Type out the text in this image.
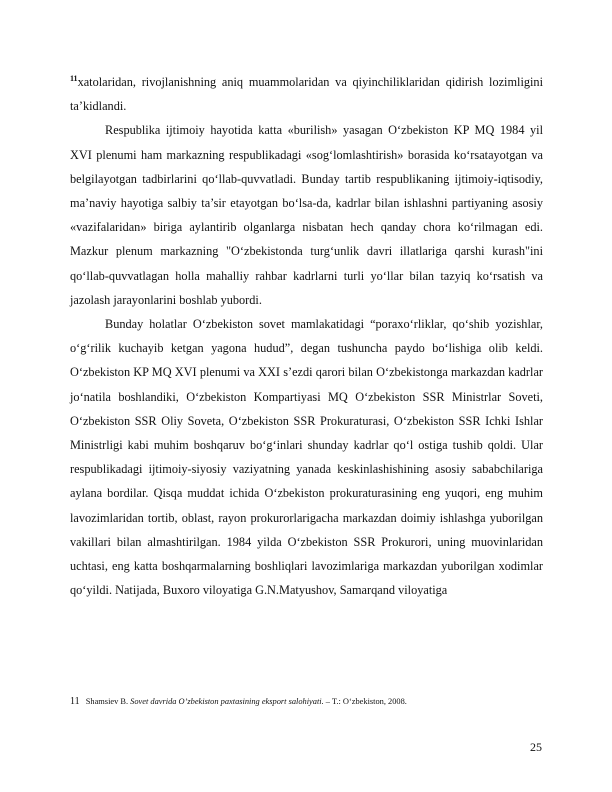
$^{11}$xatolaridan, rivojlanishning aniq muammolaridan va qiyinchiliklaridan qidirish lozimligini ta’kidlandi.

Respublika ijtimoiy hayotida katta «burilish» yasagan O‘zbekiston KP MQ 1984 yil XVI plenumi ham markazning respublikadagi «sog‘lomlashtirish» borasida ko‘rsatayotgan va belgilayotgan tadbirlarini qo‘llab-quvvatladi. Bunday tartib respublikaning ijtimoiy-iqtisodiy, ma’naviy hayotiga salbiy ta’sir etayotgan bo‘lsa-da, kadrlar bilan ishlashni partiyaning asosiy «vazifalaridan» biriga aylantirib olganlarga nisbatan hech qanday chora ko‘rilmagan edi. Mazkur plenum markazning "O‘zbekistonda turg‘unlik davri illatlariga qarshi kurash"ini qo‘llab-quvvatlagan holla mahalliy rahbar kadrlarni turli yo‘llar bilan tazyiq ko‘rsatish va jazolash jarayonlarini boshlab yubordi.

Bunday holatlar O‘zbekiston sovet mamlakatidagi “poraxo‘rliklar, qo‘shib yozishlar, o‘g‘rilik kuchayib ketgan yagona hudud”, degan tushuncha paydo bo‘lishiga olib keldi. O‘zbekiston KP MQ XVI plenumi va XXI s’ezdi qarori bilan O‘zbekistonga markazdan kadrlar jo‘natila boshlandiki, O‘zbekiston Kompartiyasi MQ O‘zbekiston SSR Ministrlar Soveti, O‘zbekiston SSR Oliy Soveta, O‘zbekiston SSR Prokuraturasi, O‘zbekiston SSR Ichki Ishlar Ministrligi kabi muhim boshqaruv bo‘g‘inlari shunday kadrlar qo‘l ostiga tushib qoldi. Ular respublikadagi ijtimoiy-siyosiy vaziyatning yanada keskinlashishining asosiy sababchilariga aylana bordilar. Qisqa muddat ichida O‘zbekiston prokuraturasining eng yuqori, eng muhim lavozimlaridan tortib, oblast, rayon prokurorlarigacha markazdan doimiy ishlashga yuborilgan vakillari bilan almashtirilgan. 1984 yilda O‘zbekiston SSR Prokurori, uning muovinlaridan uchtasi, eng katta boshqarmalarning boshliqlari lavozimlariga markazdan yuborilgan xodimlar qo‘yildi. Natijada, Buxoro viloyatiga G.N.Matyushov, Samarqand viloyatiga

11 Shamsiev B. Sovet davrida O’zbekiston paxtasining eksport salohiyati. – T.: O‘zbekiston, 2008.
25
